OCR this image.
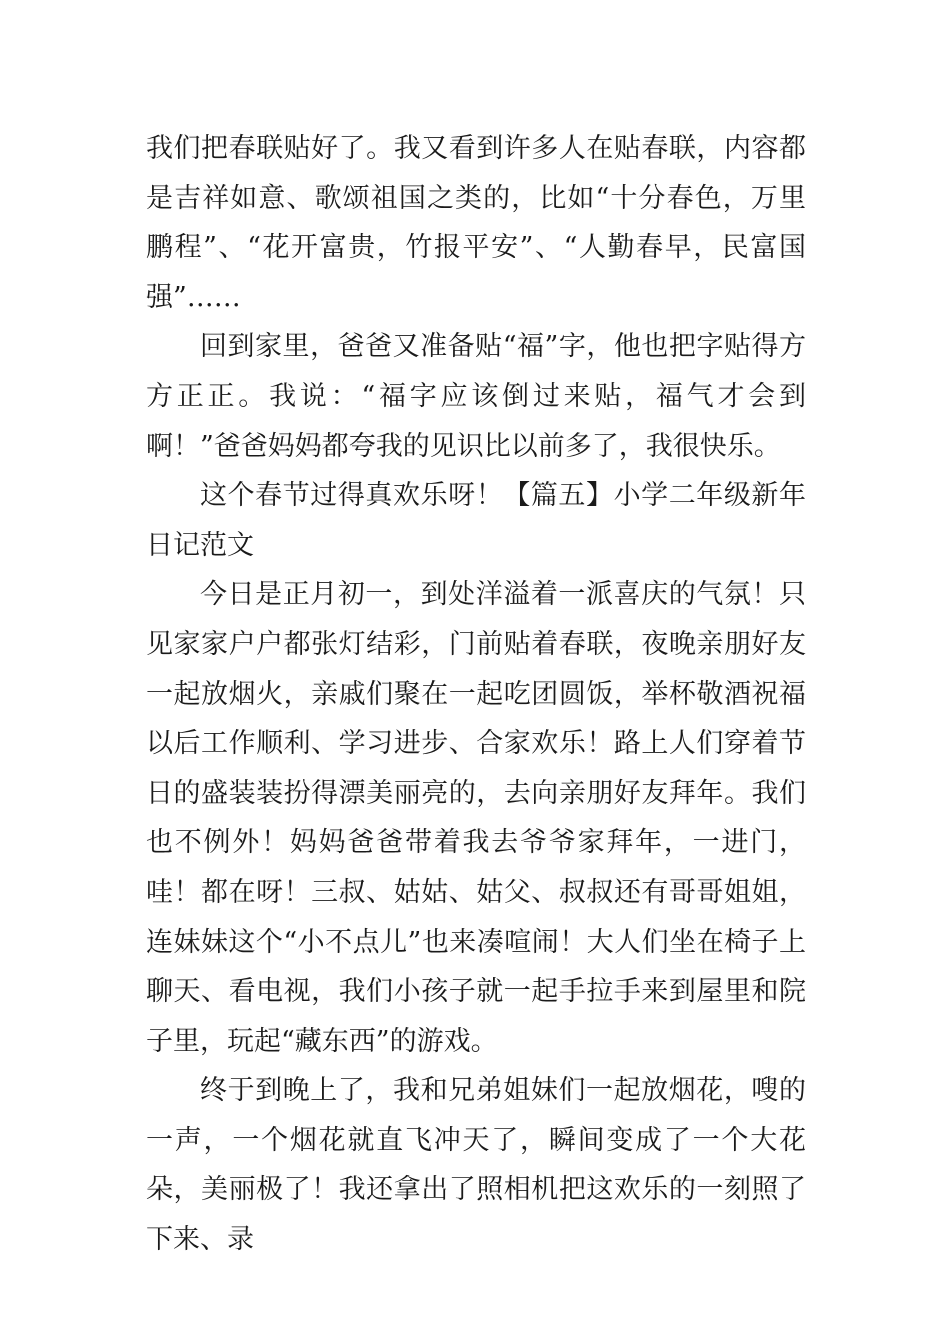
我们把春联贴好了。我又看到许多人在贴春联，内容都是吉祥如意、歌颂祖国之类的，比如“十分春色，万里鹏程”、“花开富贵，竹报平安”、“人勤春早，民富国强”……

回到家里，爸爸又准备贴“福”字，他也把字贴得方方正正。我说：“福字应该倒过来贴，福气才会到啊！”爸爸妈妈都夸我的见识比以前多了，我很快乐。

这个春节过得真欢乐呀！【篇五】小学二年级新年日记范文

今日是正月初一，到处洋溢着一派喜庆的气氛！只见家家户户都张灯结彩，门前贴着春联，夜晚亲朋好友一起放烟火，亲戚们聚在一起吃团圆饭，举杯敬酒祝福以后工作顺利、学习进步、合家欢乐！路上人们穿着节日的盛装装扮得漂美丽亮的，去向亲朋好友拜年。我们也不例外！妈妈爸爸带着我去爷爷家拜年，一进门，哇！都在呀！三叔、姑姑、姑父、叔叔还有哥哥姐姐，连妹妹这个“小不点儿”也来凑喧闹！大人们坐在椅子上聊天、看电视，我们小孩子就一起手拉手来到屋里和院子里，玩起“藏东西”的游戏。

终于到晚上了，我和兄弟姐妹们一起放烟花，嗖的一声，一个烟花就直飞冲天了，瞬间变成了一个大花朵，美丽极了！我还拿出了照相机把这欢乐的一刻照了下来、录
